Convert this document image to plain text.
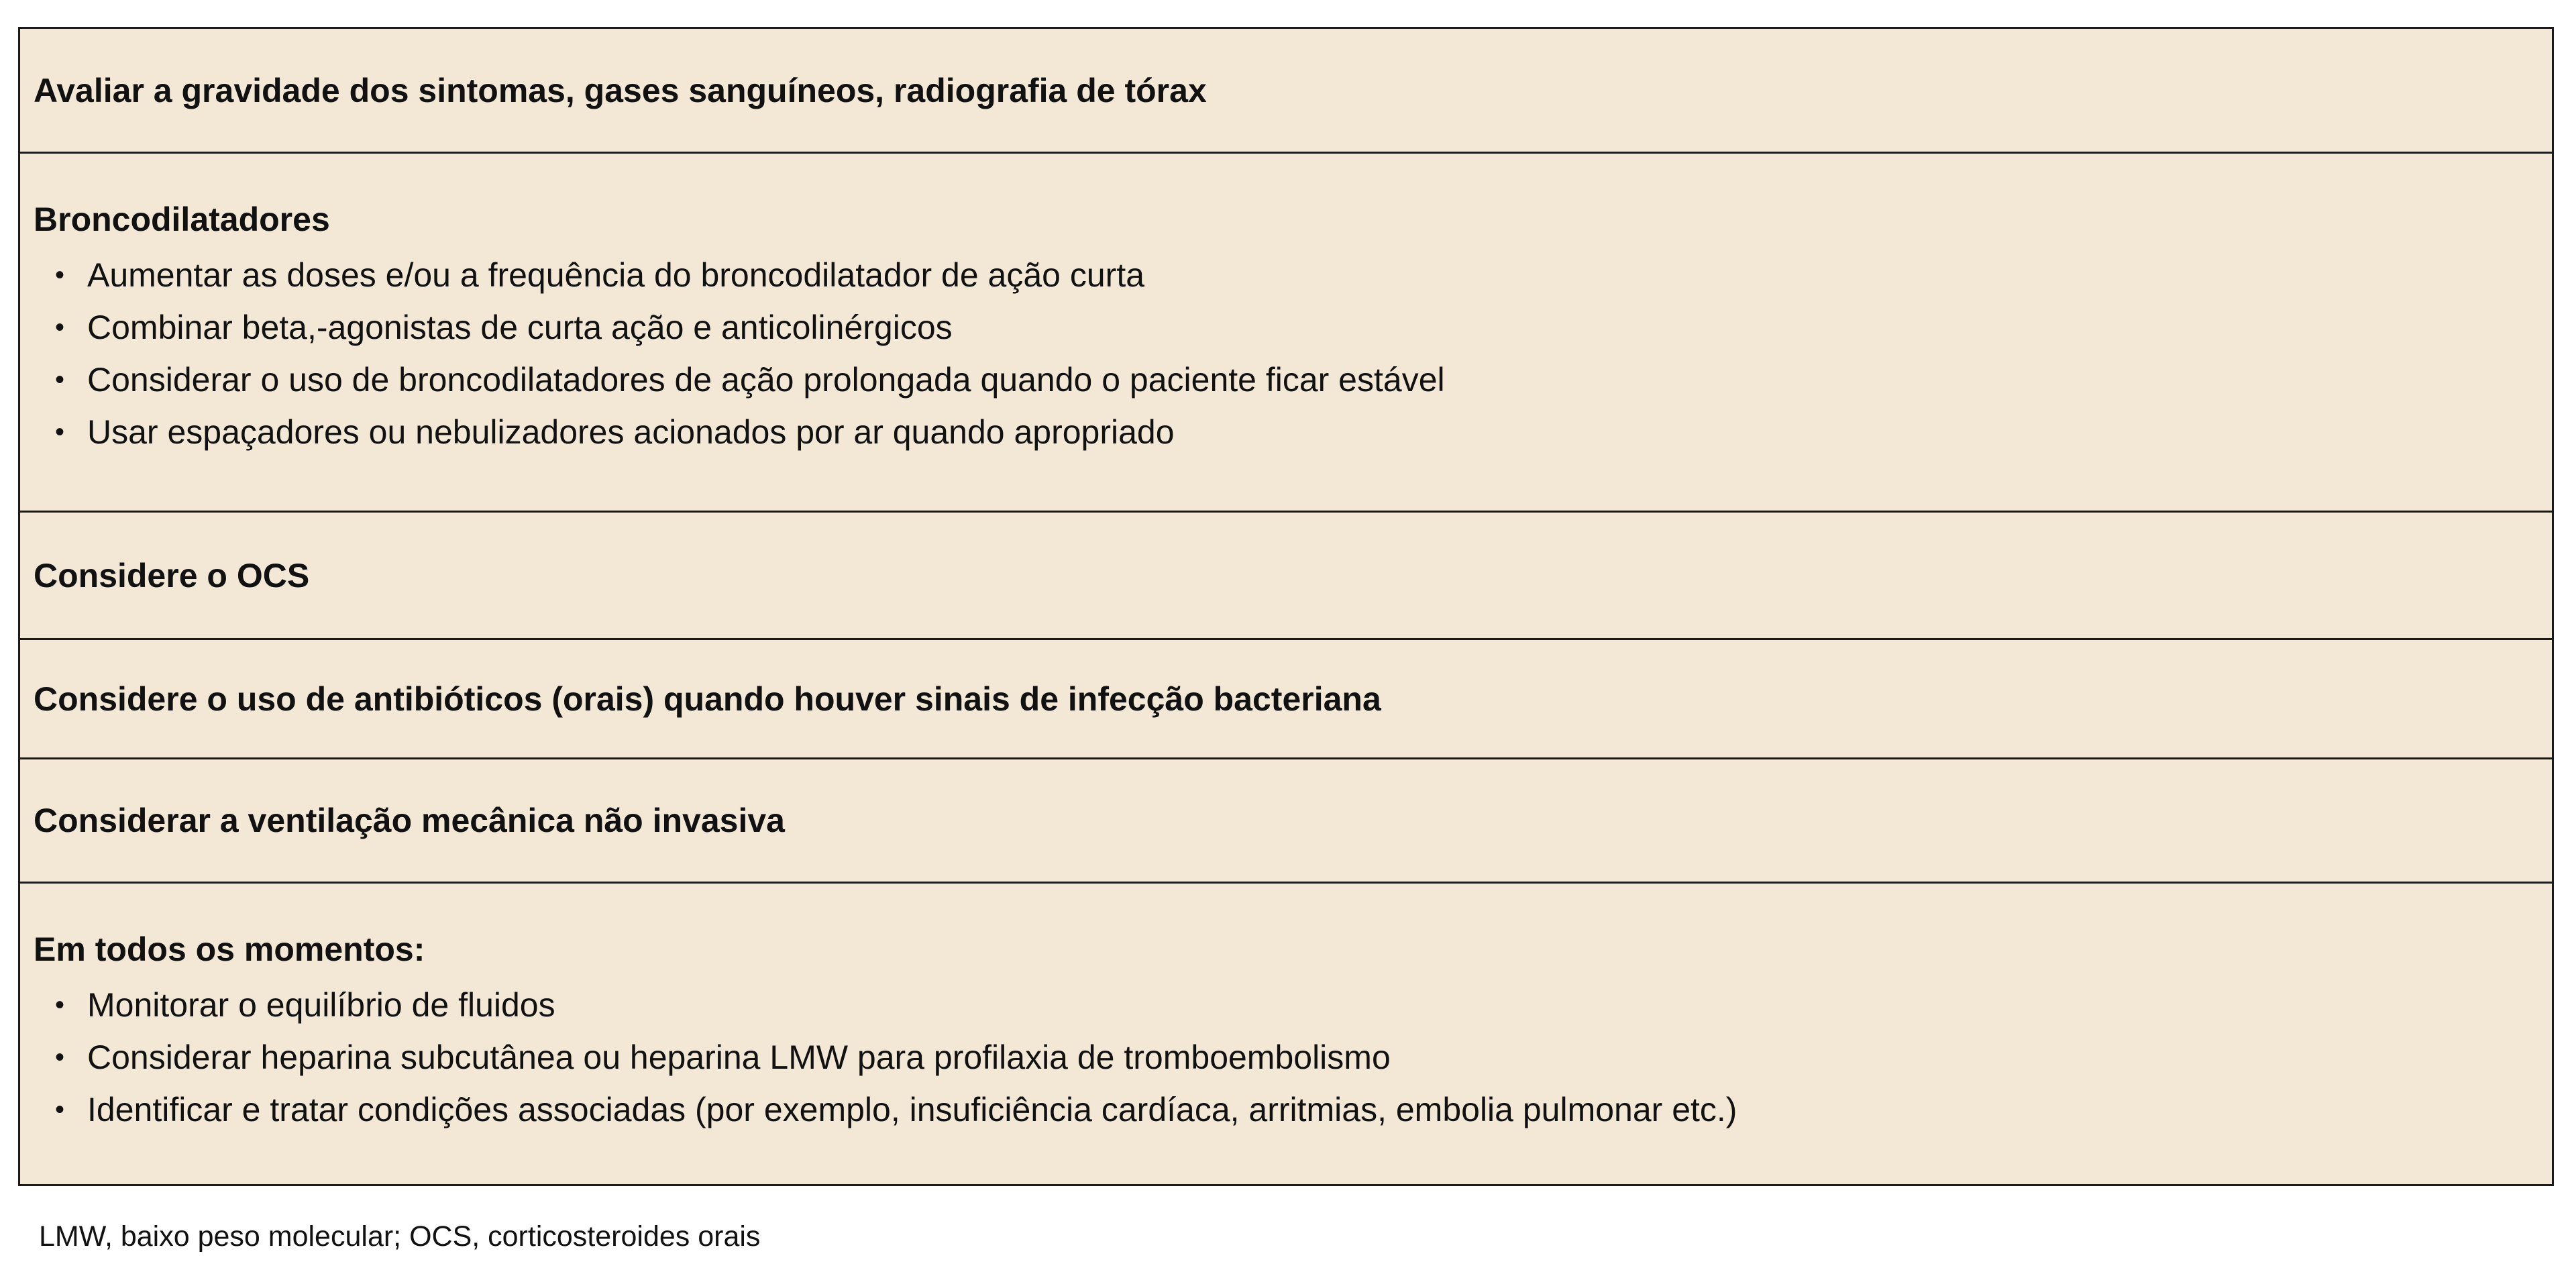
Avaliar a gravidade dos sintomas, gases sanguíneos, radiografia de tórax
Broncodilatadores
• Aumentar as doses e/ou a frequência do broncodilatador de ação curta
• Combinar beta,-agonistas de curta ação e anticolinérgicos
• Considerar o uso de broncodilatadores de ação prolongada quando o paciente ficar estável
• Usar espaçadores ou nebulizadores acionados por ar quando apropriado
Considere o OCS
Considere o uso de antibióticos (orais) quando houver sinais de infecção bacteriana
Considerar a ventilação mecânica não invasiva
Em todos os momentos:
• Monitorar o equilíbrio de fluidos
• Considerar heparina subcutânea ou heparina LMW para profilaxia de tromboembolismo
• Identificar e tratar condições associadas (por exemplo, insuficiência cardíaca, arritmias, embolia pulmonar etc.)
LMW, baixo peso molecular; OCS, corticosteroides orais
